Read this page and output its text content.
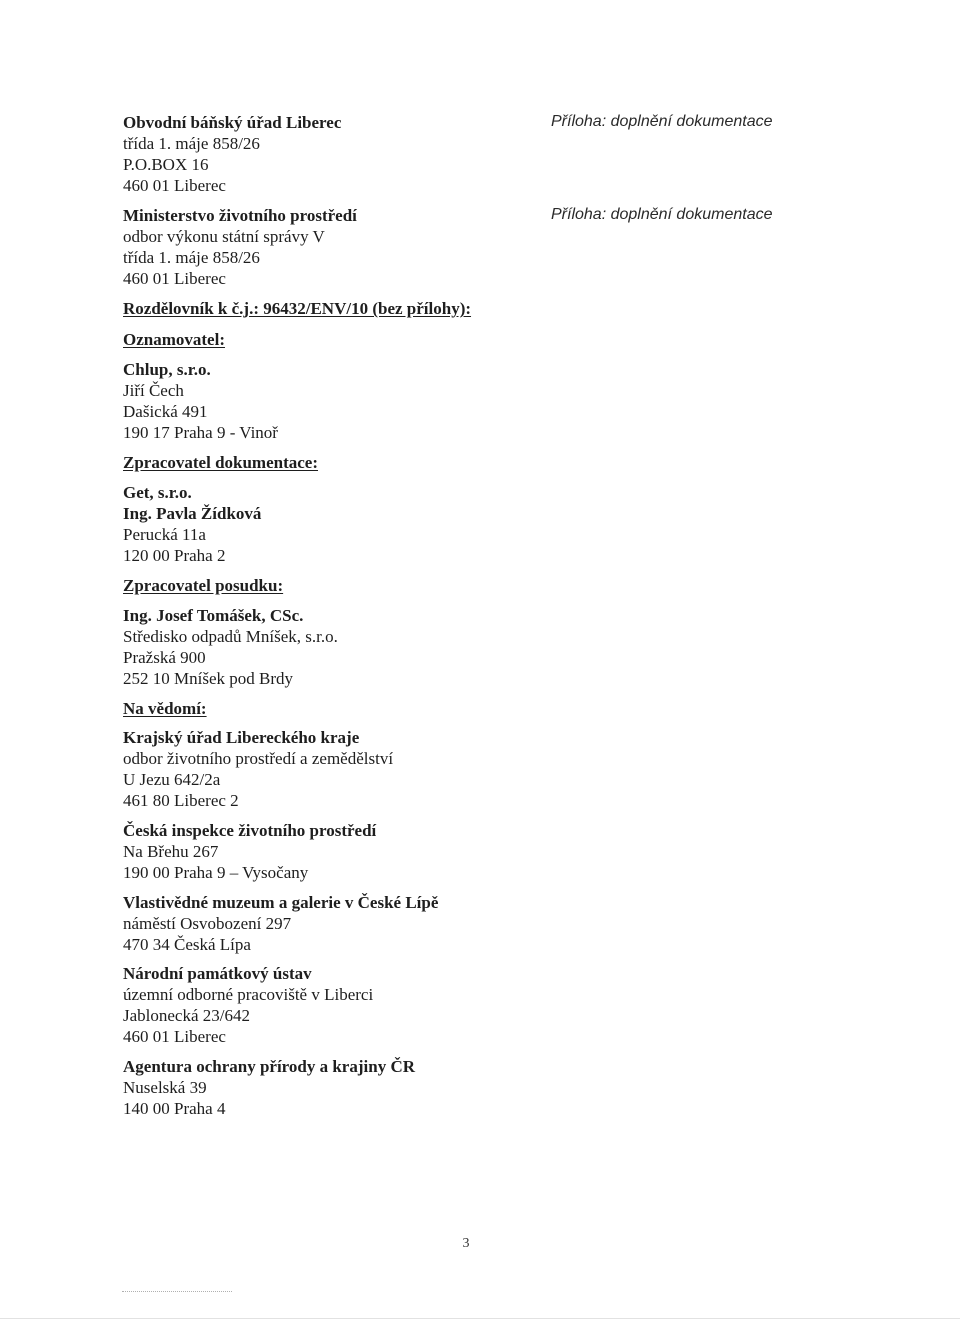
Obvodní báňský úřad Liberec
třída 1. máje 858/26
P.O.BOX 16
460 01 Liberec
Příloha: doplnění dokumentace
Ministerstvo životního prostředí
odbor výkonu státní správy V
třída 1. máje 858/26
460 01 Liberec
Příloha: doplnění dokumentace
Rozdělovník k č.j.: 96432/ENV/10 (bez přílohy):
Oznamovatel:
Chlup, s.r.o.
Jiří Čech
Dašická 491
190 17 Praha 9 - Vinoř
Zpracovatel dokumentace:
Get, s.r.o.
Ing. Pavla Žídková
Perucká 11a
120 00 Praha 2
Zpracovatel posudku:
Ing. Josef Tomášek, CSc.
Středisko odpadů Mníšek, s.r.o.
Pražská 900
252 10 Mníšek pod Brdy
Na vědomí:
Krajský úřad Libereckého kraje
odbor životního prostředí a zemědělství
U Jezu 642/2a
461 80 Liberec 2
Česká inspekce životního prostředí
Na Břehu 267
190 00 Praha 9 – Vysočany
Vlastivědné muzeum a galerie v České Lípě
náměstí Osvobození 297
470 34 Česká Lípa
Národní památkový ústav
územní odborné pracoviště v Liberci
Jablonecká 23/642
460 01 Liberec
Agentura ochrany přírody a krajiny ČR
Nuselská 39
140 00 Praha 4
3
